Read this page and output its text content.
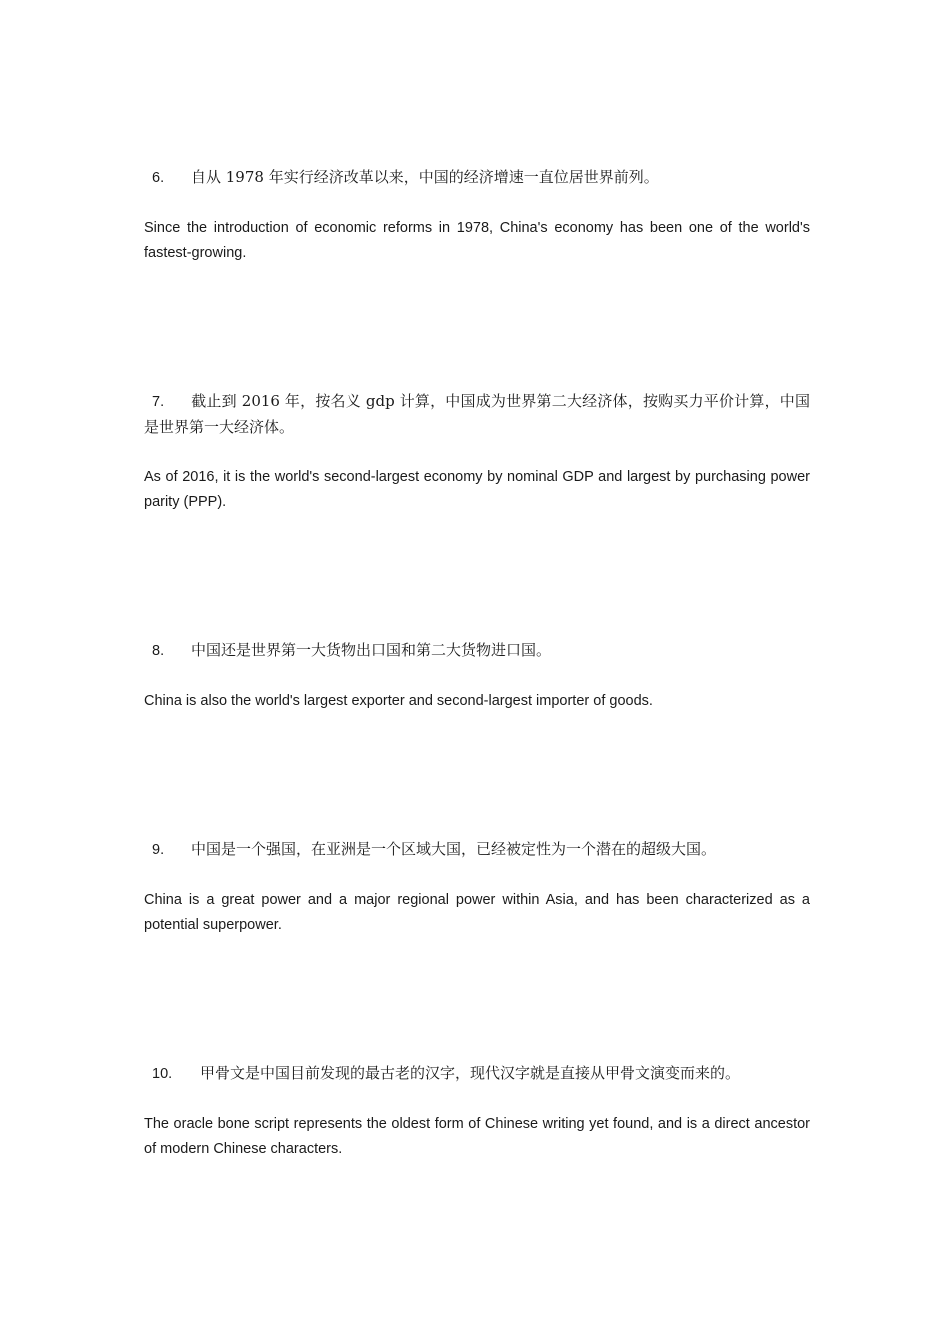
6. 自从 1978 年实行经济改革以来，中国的经济增速一直位居世界前列。
Since the introduction of economic reforms in 1978, China's economy has been one of the world's fastest-growing.
7. 截止到 2016 年，按名义 gdp 计算，中国成为世界第二大经济体，按购买力平价计算，中国是世界第一大经济体。
As of 2016, it is the world's second-largest economy by nominal GDP and largest by purchasing power parity (PPP).
8. 中国还是世界第一大货物出口国和第二大货物进口国。
China is also the world's largest exporter and second-largest importer of goods.
9. 中国是一个强国，在亚洲是一个区域大国，已经被定性为一个潜在的超级大国。
China is a great power and a major regional power within Asia, and has been characterized as a potential superpower.
10. 甲骨文是中国目前发现的最古老的汉字，现代汉字就是直接从甲骨文演变而来的。
The oracle bone script represents the oldest form of Chinese writing yet found, and is a direct ancestor of modern Chinese characters.
